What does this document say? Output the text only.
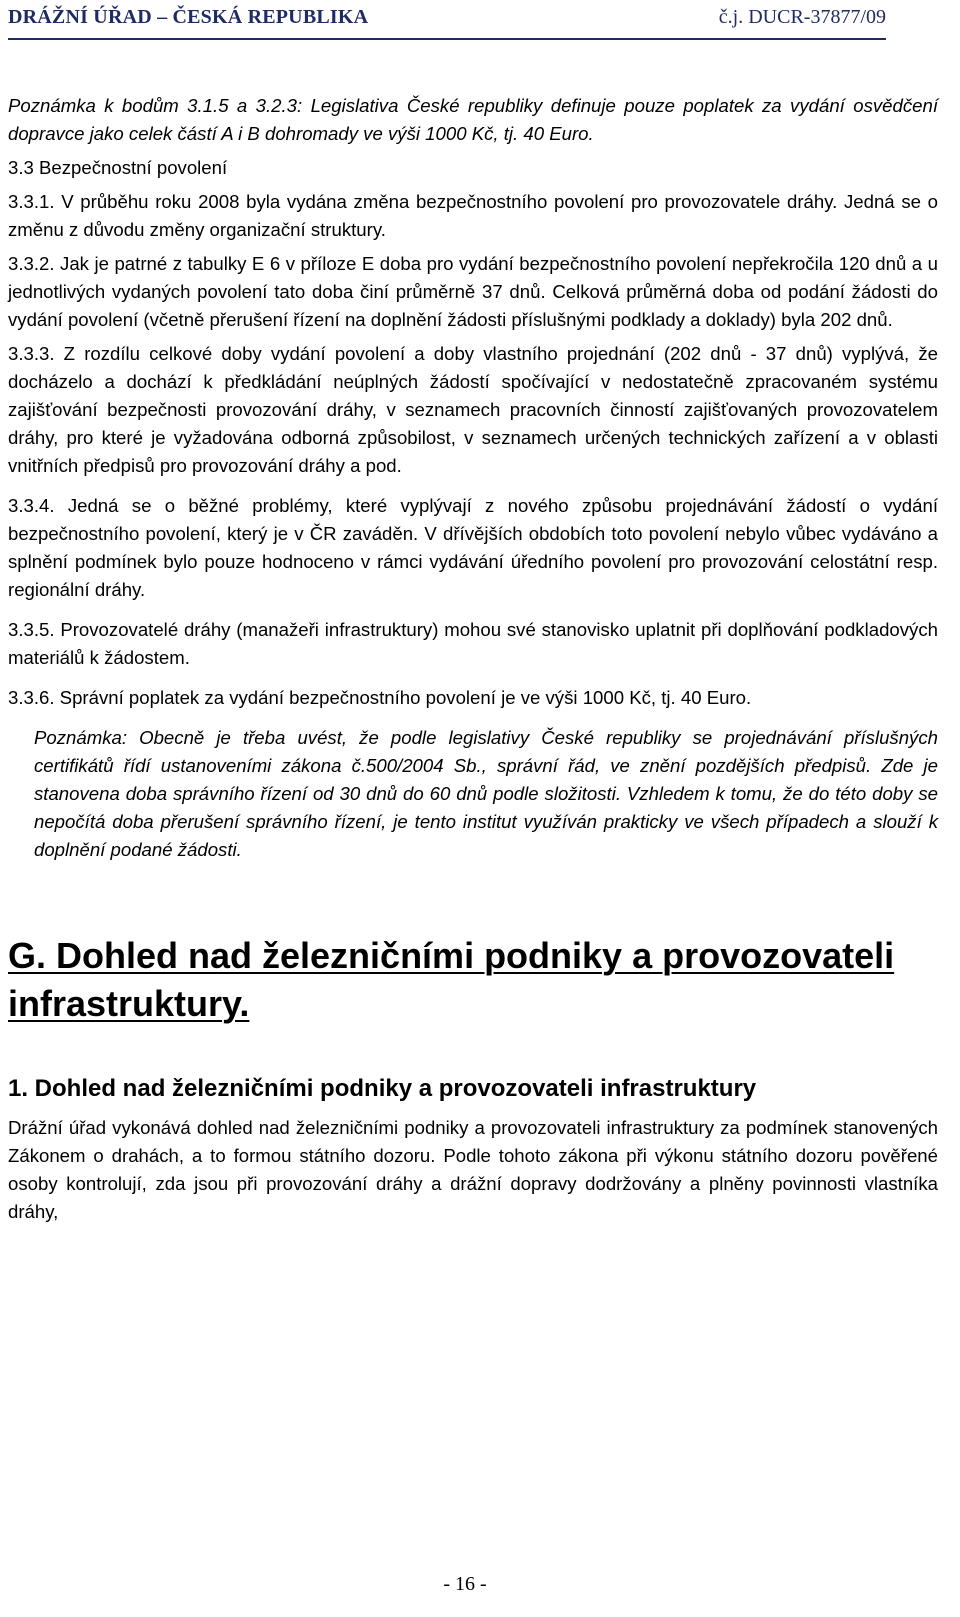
DRÁŽNÍ ÚŘAD – ČESKÁ REPUBLIKA	č.j. DUCR-37877/09

Poznámka k bodům 3.1.5 a 3.2.3: Legislativa České republiky definuje pouze poplatek za vydání osvědčení dopravce jako celek částí A i B dohromady ve výši 1000 Kč, tj. 40 Euro.

3.3 Bezpečnostní povolení

3.3.1. V průběhu roku 2008 byla vydána změna bezpečnostního povolení pro provozovatele dráhy. Jedná se o změnu z důvodu změny organizační struktury.

3.3.2. Jak je patrné z tabulky E 6 v příloze E doba pro vydání bezpečnostního povolení nepřekročila 120 dnů a u jednotlivých vydaných povolení tato doba činí průměrně 37 dnů. Celková průměrná doba od podání žádosti do vydání povolení (včetně přerušení řízení na doplnění žádosti příslušnými podklady a doklady) byla 202 dnů.

3.3.3. Z rozdílu celkové doby vydání povolení a doby vlastního projednání (202 dnů - 37 dnů) vyplývá, že docházelo a dochází k předkládání neúplných žádostí spočívající v nedostatečně zpracovaném systému zajišťování bezpečnosti provozování dráhy, v seznamech pracovních činností zajišťovaných provozovatelem dráhy, pro které je vyžadována odborná způsobilost, v seznamech určených technických zařízení a v oblasti vnitřních předpisů pro provozování dráhy a pod.

3.3.4. Jedná se o běžné problémy, které vyplývají z nového způsobu projednávání žádostí o vydání bezpečnostního povolení, který je v ČR zaváděn. V dřívějších obdobích toto povolení nebylo vůbec vydáváno a splnění podmínek bylo pouze hodnoceno v rámci vydávání úředního povolení pro provozování celostátní resp. regionální dráhy.

3.3.5. Provozovatelé dráhy (manažeři infrastruktury) mohou své stanovisko uplatnit při doplňování podkladových materiálů k žádostem.

3.3.6. Správní poplatek za vydání bezpečnostního povolení je ve výši 1000 Kč, tj. 40 Euro.

Poznámka: Obecně je třeba uvést, že podle legislativy České republiky se projednávání příslušných certifikátů řídí ustanoveními zákona č.500/2004 Sb., správní řád, ve znění pozdějších předpisů. Zde je stanovena doba správního řízení od 30 dnů do 60 dnů podle složitosti. Vzhledem k tomu, že do této doby se nepočítá doba přerušení správního řízení, je tento institut využíván prakticky ve všech případech a slouží k doplnění podané žádosti.

G. Dohled nad železničními podniky a provozovateli infrastruktury.
1. Dohled nad železničními podniky a provozovateli infrastruktury

Drážní úřad vykonává dohled nad železničními podniky a provozovateli infrastruktury za podmínek stanovených Zákonem o drahách, a to formou státního dozoru. Podle tohoto zákona při výkonu státního dozoru pověřené osoby kontrolují, zda jsou při provozování dráhy a drážní dopravy dodržovány a plněny povinnosti vlastníka dráhy,

- 16 -
